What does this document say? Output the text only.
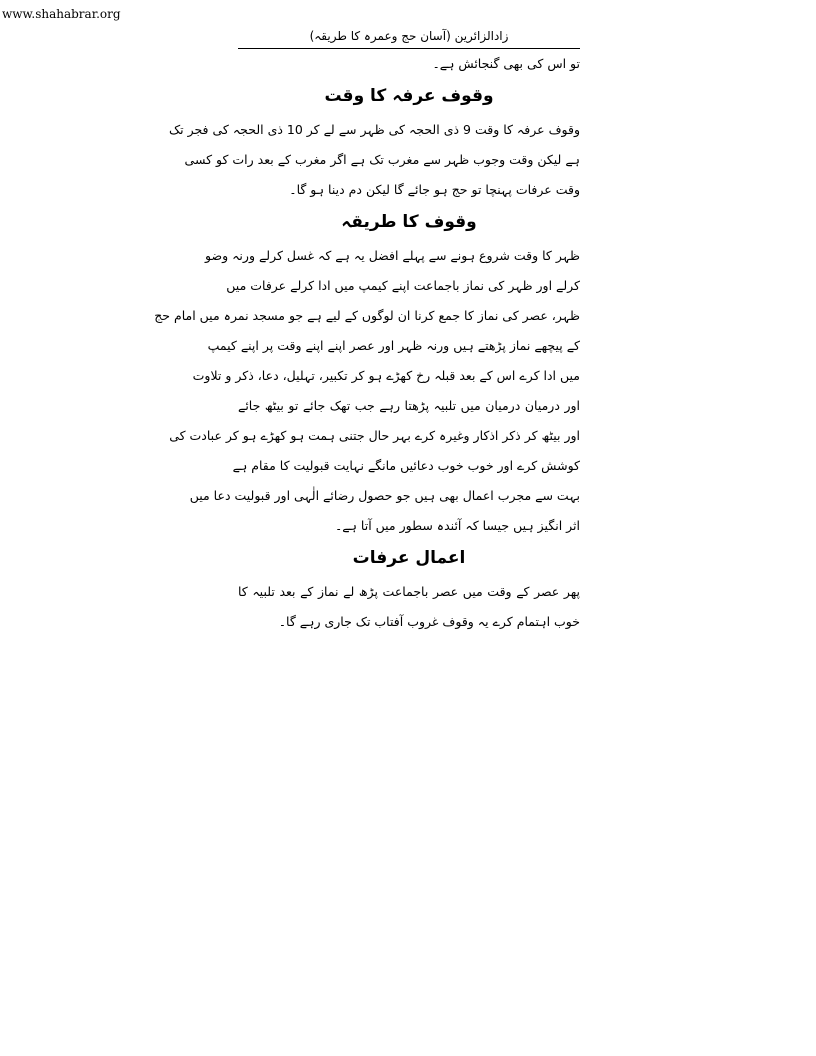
www.shahabrar.org
زادالزائرین (آسان حج وعمرہ کا طریقہ)
تو اس کی بھی گنجائش ہے۔
وقوف عرفہ کا وقت
وقوف عرفہ کا وقت 9 ذی الحجہ کی ظہر سے لے کر 10 ذی الحجہ کی فجر تک
ہے لیکن وقت وجوب ظہر سے مغرب تک ہے اگر مغرب کے بعد رات کو کسی
وقت عرفات پہنچا تو حج ہو جائے گا لیکن دم دینا ہو گا۔
وقوف کا طریقہ
ظہر کا وقت شروع ہونے سے پہلے افضل یہ ہے کہ غسل کرلے ورنہ وضو
کرلے اور ظہر کی نماز باجماعت اپنے کیمپ میں ادا کرلے عرفات میں
ظہر، عصر کی نماز کا جمع کرنا ان لوگوں کے لیے ہے جو مسجد نمرہ میں امام حج
کے پیچھے نماز پڑھتے ہیں ورنہ ظہر اور عصر اپنے اپنے وقت پر اپنے کیمپ
میں ادا کرے اس کے بعد قبلہ رخ کھڑے ہو کر تکبیر، تہلیل، دعا، ذکر و تلاوت
اور درمیان درمیان میں تلبیہ پڑھتا رہے جب تھک جائے تو بیٹھ جائے
اور بیٹھ کر ذکر اذکار وغیرہ کرے بہر حال جتنی ہمت ہو کھڑے ہو کر عبادت کی
کوشش کرے اور خوب خوب دعائیں مانگے نہایت قبولیت کا مقام ہے
بہت سے مجرب اعمال بھی ہیں جو حصول رضائے الٰہی اور قبولیت دعا میں
اثر انگیز ہیں جیسا کہ آئندہ سطور میں آتا ہے۔
اعمال عرفات
پھر عصر کے وقت میں عصر باجماعت پڑھ لے نماز کے بعد تلبیہ کا
خوب اہتمام کرے یہ وقوف غروب آفتاب تک جاری رہے گا۔
